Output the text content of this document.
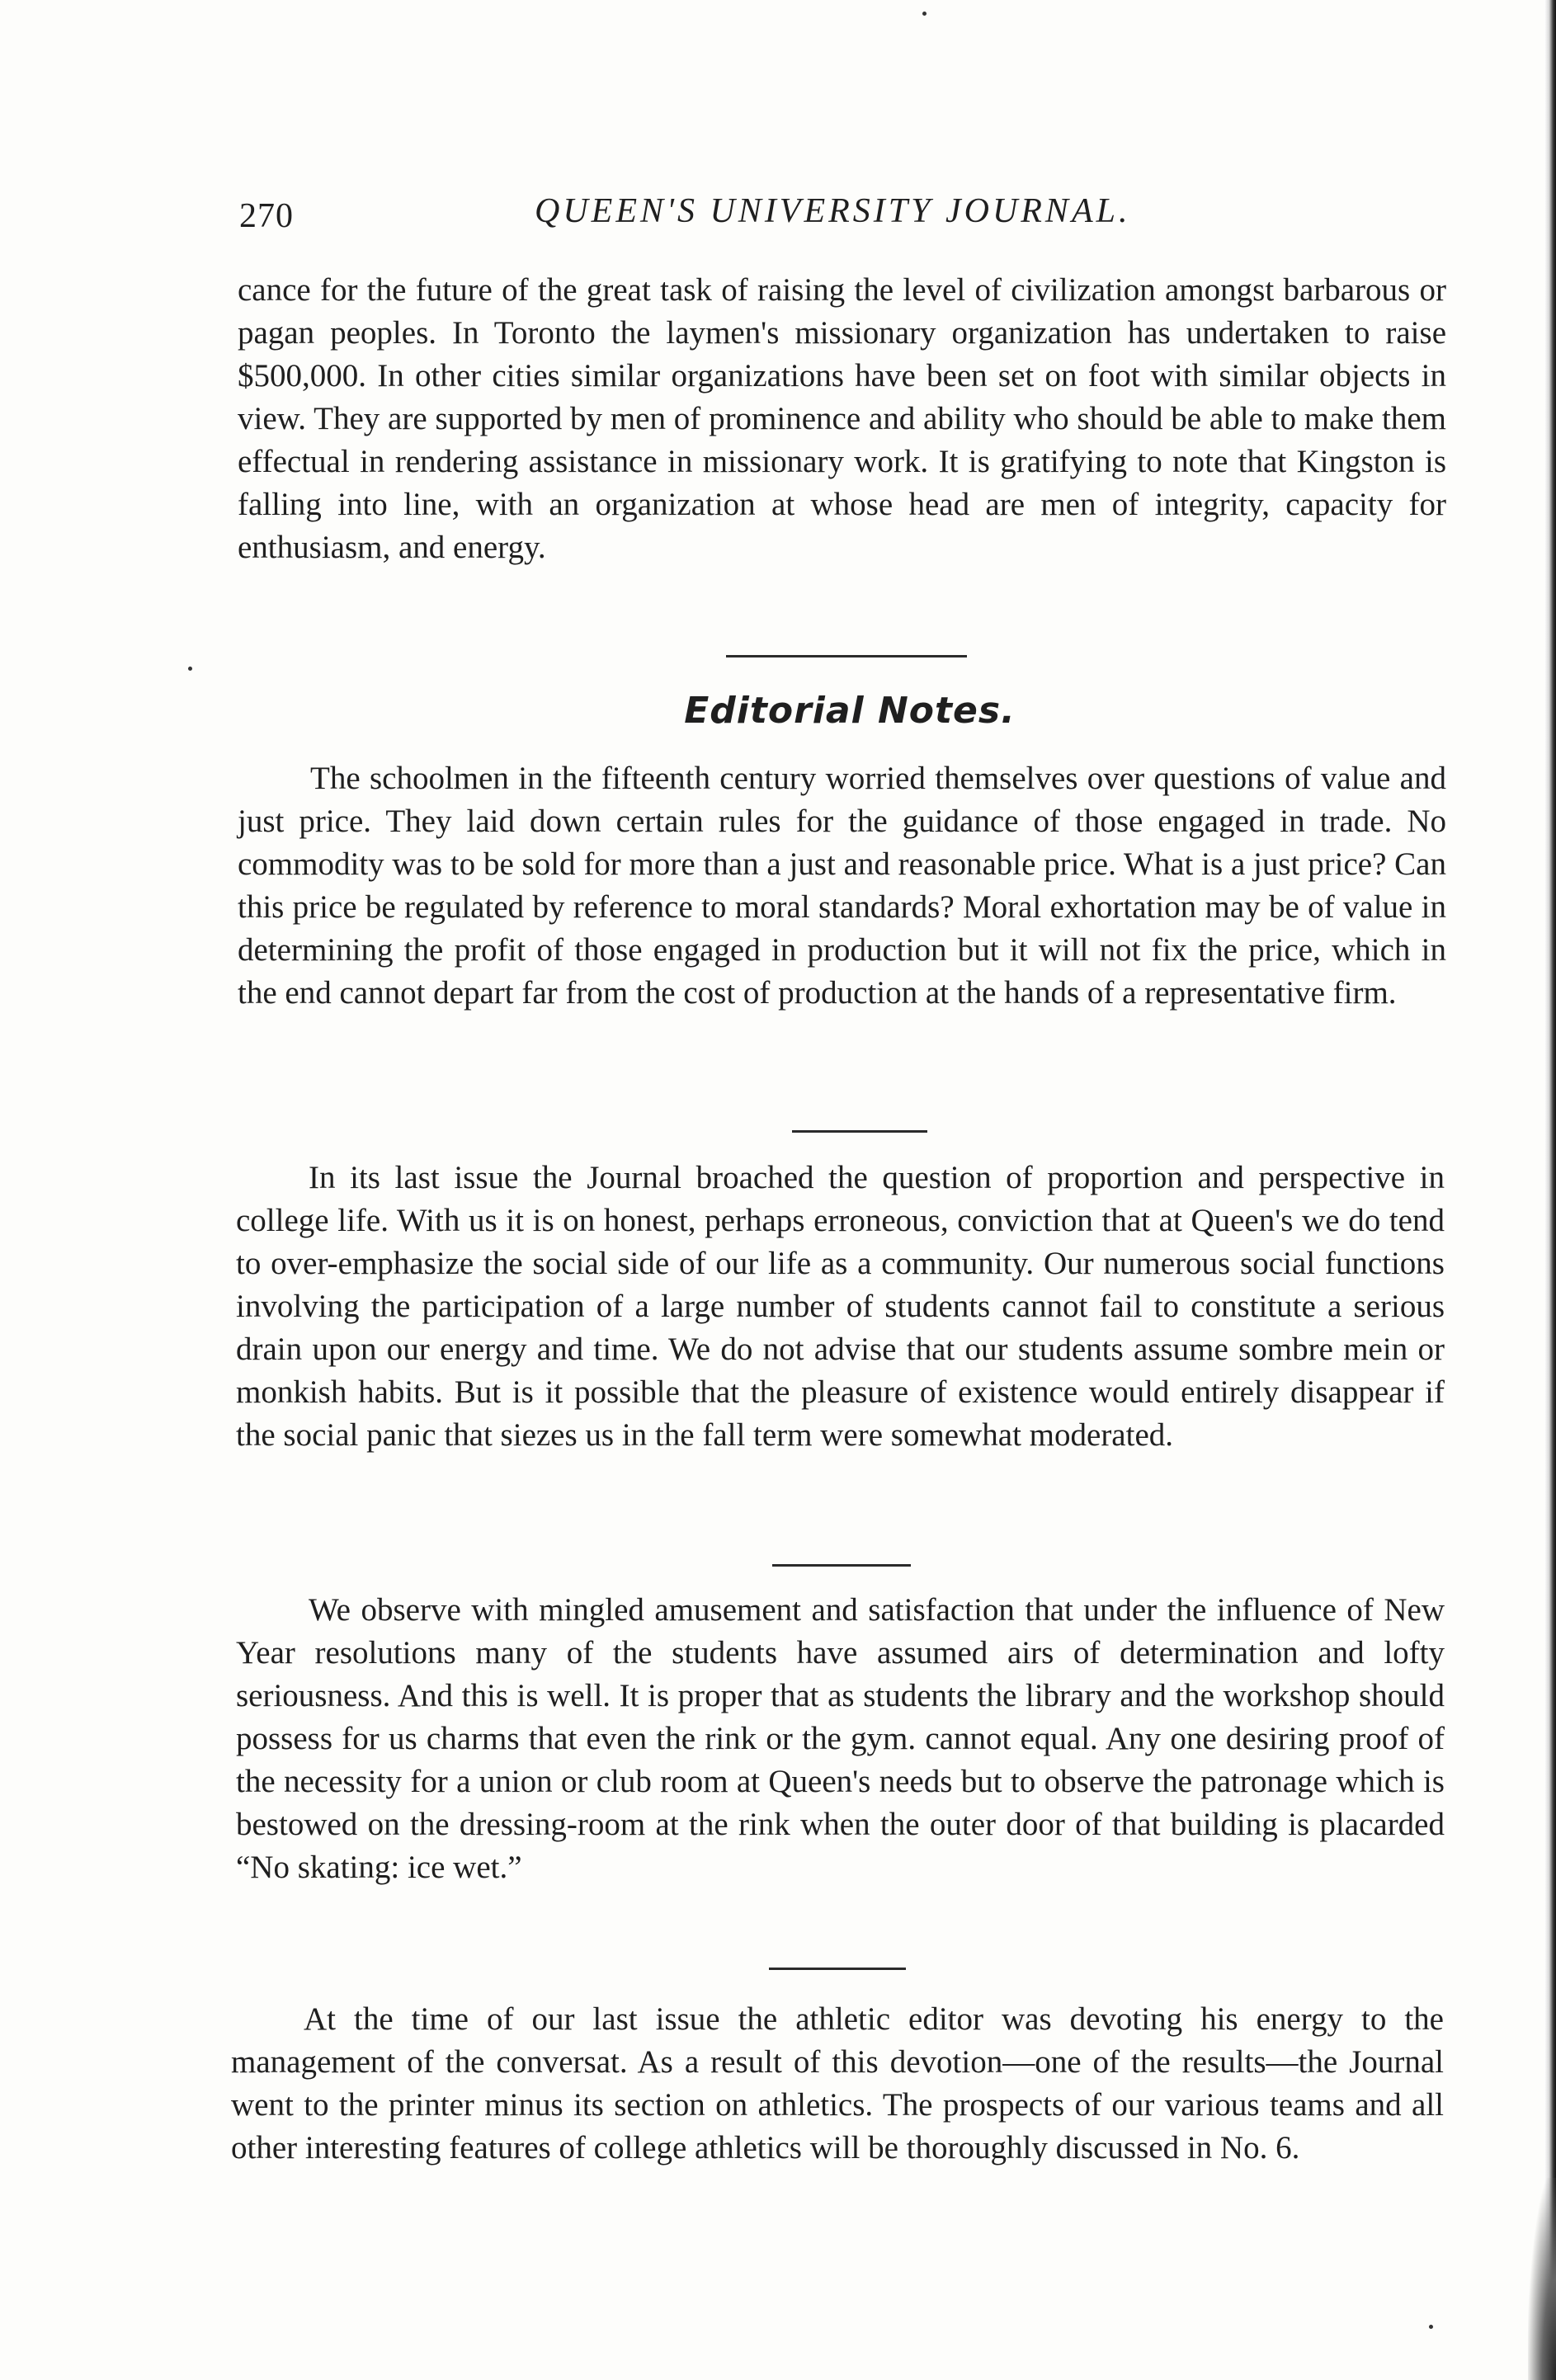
270	QUEEN'S UNIVERSITY JOURNAL.

cance for the future of the great task of raising the level of civilization amongst barbarous or pagan peoples. In Toronto the laymen's missionary organization has undertaken to raise $500,000. In other cities similar organizations have been set on foot with similar objects in view. They are supported by men of prominence and ability who should be able to make them effectual in rendering assistance in missionary work. It is gratifying to note that Kingston is falling into line, with an organization at whose head are men of integrity, capacity for enthusiasm, and energy.

Editorial Notes.

The schoolmen in the fifteenth century worried themselves over questions of value and just price. They laid down certain rules for the guidance of those engaged in trade. No commodity was to be sold for more than a just and reasonable price. What is a just price? Can this price be regulated by reference to moral standards? Moral exhortation may be of value in determining the profit of those engaged in production but it will not fix the price, which in the end cannot depart far from the cost of production at the hands of a representative firm.

In its last issue the Journal broached the question of proportion and perspective in college life. With us it is on honest, perhaps erroneous, conviction that at Queen's we do tend to over-emphasize the social side of our life as a community. Our numerous social functions involving the participation of a large number of students cannot fail to constitute a serious drain upon our energy and time. We do not advise that our students assume sombre mein or monkish habits. But is it possible that the pleasure of existence would entirely disappear if the social panic that siezes us in the fall term were somewhat moderated.

We observe with mingled amusement and satisfaction that under the influence of New Year resolutions many of the students have assumed airs of determination and lofty seriousness. And this is well. It is proper that as students the library and the workshop should possess for us charms that even the rink or the gym. cannot equal. Any one desiring proof of the necessity for a union or club room at Queen's needs but to observe the patronage which is bestowed on the dressing-room at the rink when the outer door of that building is placarded “No skating: ice wet.”

At the time of our last issue the athletic editor was devoting his energy to the management of the conversat. As a result of this devotion—one of the results—the Journal went to the printer minus its section on athletics. The prospects of our various teams and all other interesting features of college athletics will be thoroughly discussed in No. 6.
